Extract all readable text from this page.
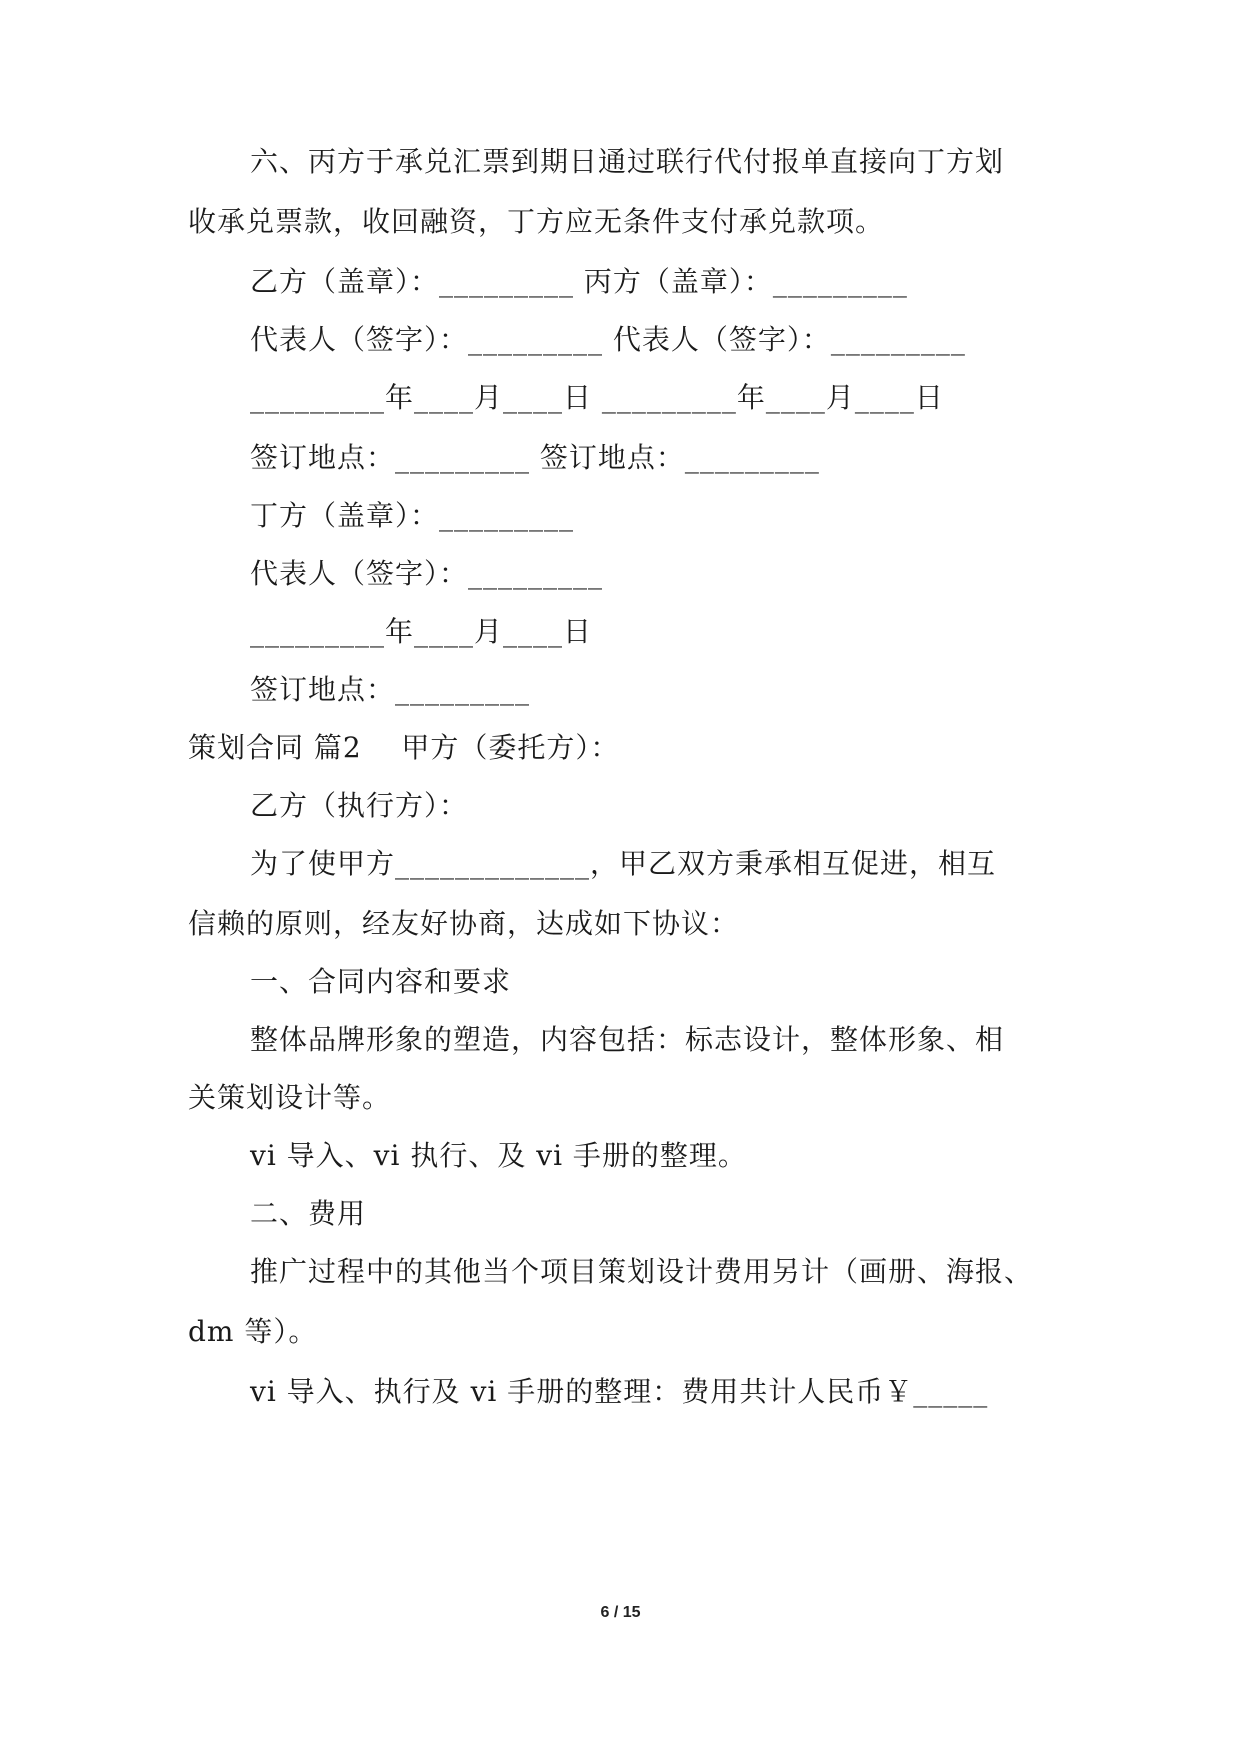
六、丙方于承兑汇票到期日通过联行代付报单直接向丁方划
收承兑票款，收回融资，丁方应无条件支付承兑款项。
乙方（盖章）：_________ 丙方（盖章）：_________
代表人（签字）：_________ 代表人（签字）：_________
_________年____月____日 _________年____月____日
签订地点：_________ 签订地点：_________
丁方（盖章）：_________
代表人（签字）：_________
_________年____月____日
签订地点：_________
策划合同 篇2    甲方（委托方）：
乙方（执行方）：
为了使甲方_____________，甲乙双方秉承相互促进，相互
信赖的原则，经友好协商，达成如下协议：
一、合同内容和要求
整体品牌形象的塑造，内容包括：标志设计，整体形象、相
关策划设计等。
vi 导入、vi 执行、及 vi 手册的整理。
二、费用
推广过程中的其他当个项目策划设计费用另计（画册、海报、
dm 等）。
vi 导入、执行及 vi 手册的整理：费用共计人民币￥_____
6 / 15
